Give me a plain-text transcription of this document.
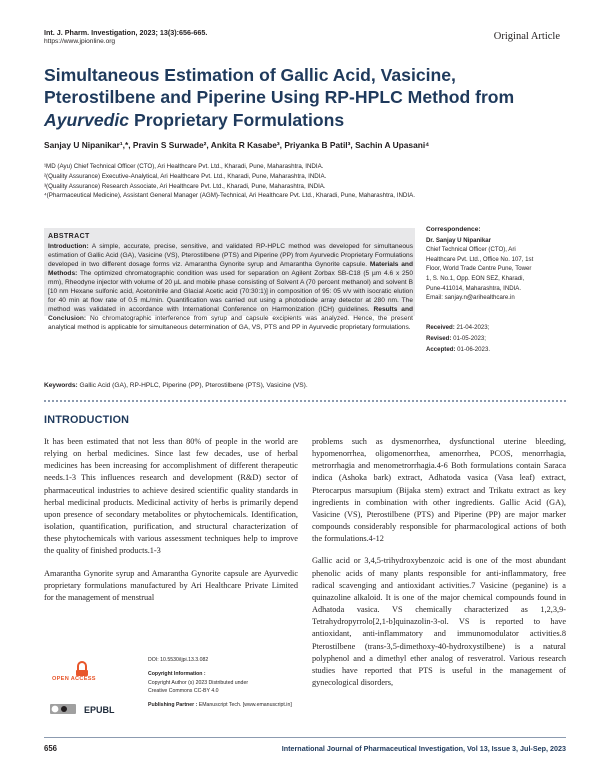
Int. J. Pharm. Investigation, 2023; 13(3):656-665.
https://www.jpionline.org	Original Article
Simultaneous Estimation of Gallic Acid, Vasicine,
Pterostilbene and Piperine Using RP-HPLC Method from
Ayurvedic Proprietary Formulations
Sanjay U Nipanikar¹,*, Pravin S Surwade², Ankita R Kasabe³, Priyanka B Patil³, Sachin A Upasani⁴
¹MD (Ayu) Chief Technical Officer (CTO), Ari Healthcare Pvt. Ltd., Kharadi, Pune, Maharashtra, INDIA.
²(Quality Assurance) Executive-Analytical, Ari Healthcare Pvt. Ltd., Kharadi, Pune, Maharashtra, INDIA.
³(Quality Assurance) Research Associate, Ari Healthcare Pvt. Ltd., Kharadi, Pune, Maharashtra, INDIA.
⁴(Pharmaceutical Medicine), Assistant General Manager (AGM)-Technical, Ari Healthcare Pvt. Ltd., Kharadi, Pune, Maharashtra, INDIA.
ABSTRACT
Introduction: A simple, accurate, precise, sensitive, and validated RP-HPLC method was developed for simultaneous estimation of Gallic Acid (GA), Vasicine (VS), Pterostilbene (PTS) and Piperine (PP) from Ayurvedic Proprietary Formulations developed in two different dosage forms viz. Amarantha Gynorite syrup and Amarantha Gynorite capsule. Materials and Methods: The optimized chromatographic condition was used for separation on Agilent Zorbax SB-C18 (5 µm 4.6 x 250 mm), Rheodyne injector with volume of 20 µL and mobile phase consisting of Solvent A (70 percent methanol) and solvent B [10 nm Hexane sulfonic acid, Acetonitrile and Glacial Acetic acid (70:30:1)] in composition of 95: 05 v/v with isocratic elution for 40 min at flow rate of 0.5 mL/min. Quantification was carried out using a photodiode array detector at 280 nm. The method was validated in accordance with International Conference on Harmonization (ICH) guidelines. Results and Conclusion: No chromatographic interference from syrup and capsule excipients was analyzed. Hence, the present analytical method is applicable for simultaneous determination of GA, VS, PTS and PP in Ayurvedic proprietary formulations.
Correspondence:
Dr. Sanjay U Nipanikar
Chief Technical Officer (CTO), Ari
Healthcare Pvt. Ltd., Office No. 107, 1st
Floor, World Trade Centre Pune, Tower
1, S. No.1, Opp. EON SEZ, Kharadi,
Pune-411014, Maharashtra, INDIA.
Email: sanjay.n@arihealthcare.in
Received: 21-04-2023;
Revised: 01-05-2023;
Accepted: 01-06-2023.
Keywords: Gallic Acid (GA), RP-HPLC, Piperine (PP), Pterostilbene (PTS), Vasicine (VS).
INTRODUCTION
It has been estimated that not less than 80% of people in the world are relying on herbal medicines. Since last few decades, use of herbal medicines has been increasing for accomplishment of different therapeutic needs.1-3 This influences research and development (R&D) sector of pharmaceutical industries to achieve desired scientific quality standards in herbal medicinal products. Medicinal activity of herbs is primarily depend upon presence of secondary metabolites or phytochemicals. Identification, isolation, quantification, purification, and structural characterization of these phytochemicals with various assessment techniques help to improve the quality of finished products.1-3
Amarantha Gynorite syrup and Amarantha Gynorite capsule are Ayurvedic proprietary formulations manufactured by Ari Healthcare Private Limited for the management of menstrual
problems such as dysmenorrhea, dysfunctional uterine bleeding, hypomenorrhea, oligomenorrhea, amenorrhea, PCOS, menorrhagia, metrorrhagia and menometrorrhagia.4-6 Both formulations contain Saraca indica (Ashoka bark) extract, Adhatoda vasica (Vasa leaf) extract, Pterocarpus marsupium (Bijaka stem) extract and Trikatu extract as key ingredients in combination with other ingredients. Gallic Acid (GA), Vasicine (VS), Pterostilbene (PTS) and Piperine (PP) are major marker compounds considerably responsible for pharmacological actions of both the formulations.4-12
Gallic acid or 3,4,5-trihydroxybenzoic acid is one of the most abundant phenolic acids of many plants responsible for anti-inflammatory, free radical scavenging and antioxidant activities.7 Vasicine (peganine) is a quinazoline alkaloid. It is one of the major chemical compounds found in Adhatoda vasica. VS chemically characterized as 1,2,3,9-Tetrahydropyrrolo[2,1-b]quinazolin-3-ol. VS is reported to have antioxidant, anti-inflammatory and immunomodulator activities.8 Pterostilbene (trans-3,5-dimethoxy-40-hydroxystilbene) is a natural polyphenol and a dimethyl ether analog of resveratrol. Various research studies have reported that PTS is useful in the management of gynecological disorders,
OPEN ACCESS
EPUBL
DOI: 10.5530/ijpi.13.3.082
Copyright Information :
Copyright Author (s) 2023 Distributed under
Creative Commons CC-BY 4.0
Publishing Partner : EManuscript Tech. [www.emanuscript.in]
656	International Journal of Pharmaceutical Investigation, Vol 13, Issue 3, Jul-Sep, 2023
